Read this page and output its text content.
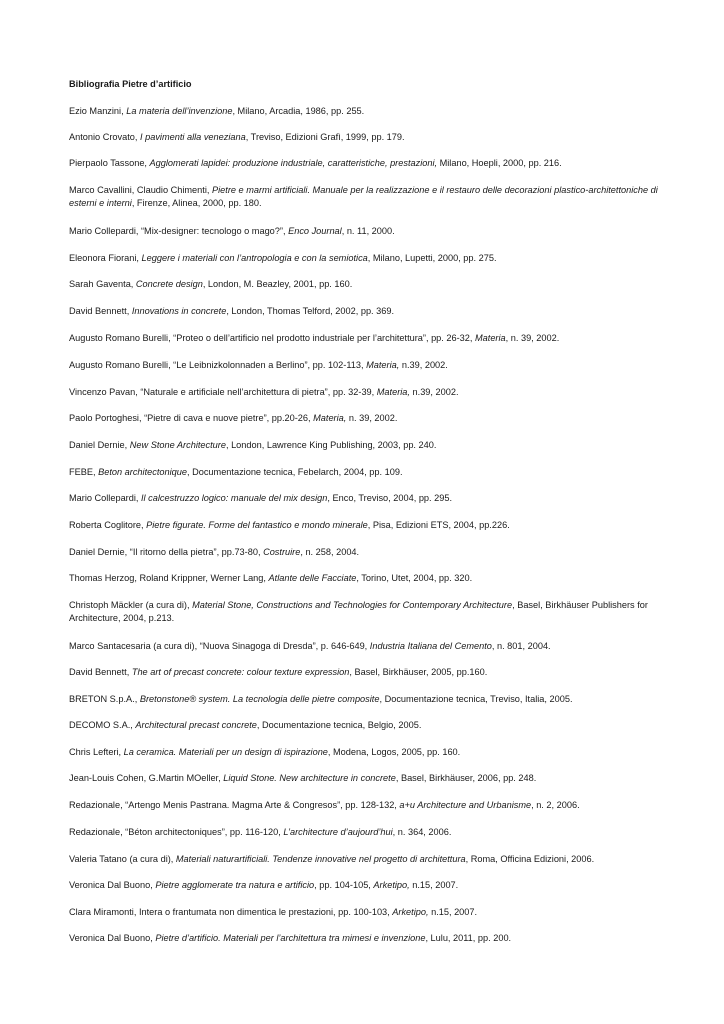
Bibliografia Pietre d’artificio

Ezio Manzini, La materia dell’invenzione, Milano, Arcadia, 1986, pp. 255.

Antonio Crovato, I pavimenti alla veneziana, Treviso, Edizioni Grafì, 1999, pp. 179.

Pierpaolo Tassone, Agglomerati lapidei: produzione industriale, caratteristiche, prestazioni, Milano, Hoepli, 2000, pp. 216.

Marco Cavallini, Claudio Chimenti, Pietre e marmi artificiali. Manuale per la realizzazione e il restauro delle decorazioni plastico-architettoniche di esterni e interni, Firenze, Alinea, 2000, pp. 180.

Mario Collepardi, “Mix-designer: tecnologo o mago?”, Enco Journal, n. 11, 2000.

Eleonora Fiorani, Leggere i materiali con l’antropologia e con la semiotica, Milano, Lupetti, 2000, pp. 275.

Sarah Gaventa, Concrete design, London, M. Beazley, 2001, pp. 160.

David Bennett, Innovations in concrete, London, Thomas Telford, 2002, pp. 369.

Augusto Romano Burelli, “Proteo o dell’artificio nel prodotto industriale per l’architettura”, pp. 26-32, Materia, n. 39, 2002.

Augusto Romano Burelli, “Le Leibnizkolonnaden a Berlino”, pp. 102-113, Materia, n.39, 2002.

Vincenzo Pavan, “Naturale e artificiale nell’architettura di pietra”, pp. 32-39, Materia, n.39, 2002.

Paolo Portoghesi, “Pietre di cava e nuove pietre”, pp.20-26, Materia, n. 39, 2002.

Daniel Dernie, New Stone Architecture, London, Lawrence King Publishing, 2003, pp. 240.

FEBE, Beton architectonique, Documentazione tecnica, Febelarch, 2004, pp. 109.

Mario Collepardi, Il calcestruzzo logico: manuale del mix design, Enco, Treviso, 2004, pp. 295.

Roberta Coglitore, Pietre figurate. Forme del fantastico e mondo minerale, Pisa, Edizioni ETS, 2004, pp.226.

Daniel Dernie, “Il ritorno della pietra”, pp.73-80, Costruire, n. 258, 2004.

Thomas Herzog, Roland Krippner, Werner Lang, Atlante delle Facciate, Torino, Utet, 2004, pp. 320.

Christoph Mäckler (a cura di), Material Stone, Constructions and Technologies for Contemporary Architecture, Basel, Birkhäuser Publishers for Architecture, 2004, p.213.

Marco Santacesaria (a cura di), “Nuova Sinagoga di Dresda”, p. 646-649, Industria Italiana del Cemento, n. 801, 2004.

David Bennett, The art of precast concrete: colour texture expression, Basel, Birkhäuser, 2005, pp.160.

BRETON S.p.A., Bretonstone® system. La tecnologia delle pietre composite, Documentazione tecnica, Treviso, Italia, 2005.

DECOMO S.A., Architectural precast concrete, Documentazione tecnica, Belgio, 2005.

Chris Lefteri, La ceramica. Materiali per un design di ispirazione, Modena, Logos, 2005, pp. 160.

Jean-Louis Cohen, G.Martin MOeller, Liquid Stone. New architecture in concrete, Basel, Birkhäuser, 2006, pp. 248.

Redazionale, “Artengo Menis Pastrana. Magma Arte & Congresos”, pp. 128-132, a+u Architecture and Urbanisme, n. 2, 2006.

Redazionale, “Béton architectoniques”, pp. 116-120, L’architecture d’aujourd’hui, n. 364, 2006.

Valeria Tatano (a cura di), Materiali naturartificiali. Tendenze innovative nel progetto di architettura, Roma, Officina Edizioni, 2006.

Veronica Dal Buono, Pietre agglomerate tra natura e artificio, pp. 104-105, Arketipo, n.15, 2007.

Clara Miramonti, Intera o frantumata non dimentica le prestazioni, pp. 100-103, Arketipo, n.15, 2007.

Veronica Dal Buono, Pietre d’artificio. Materiali per l’architettura tra mimesi e invenzione, Lulu, 2011, pp. 200.
